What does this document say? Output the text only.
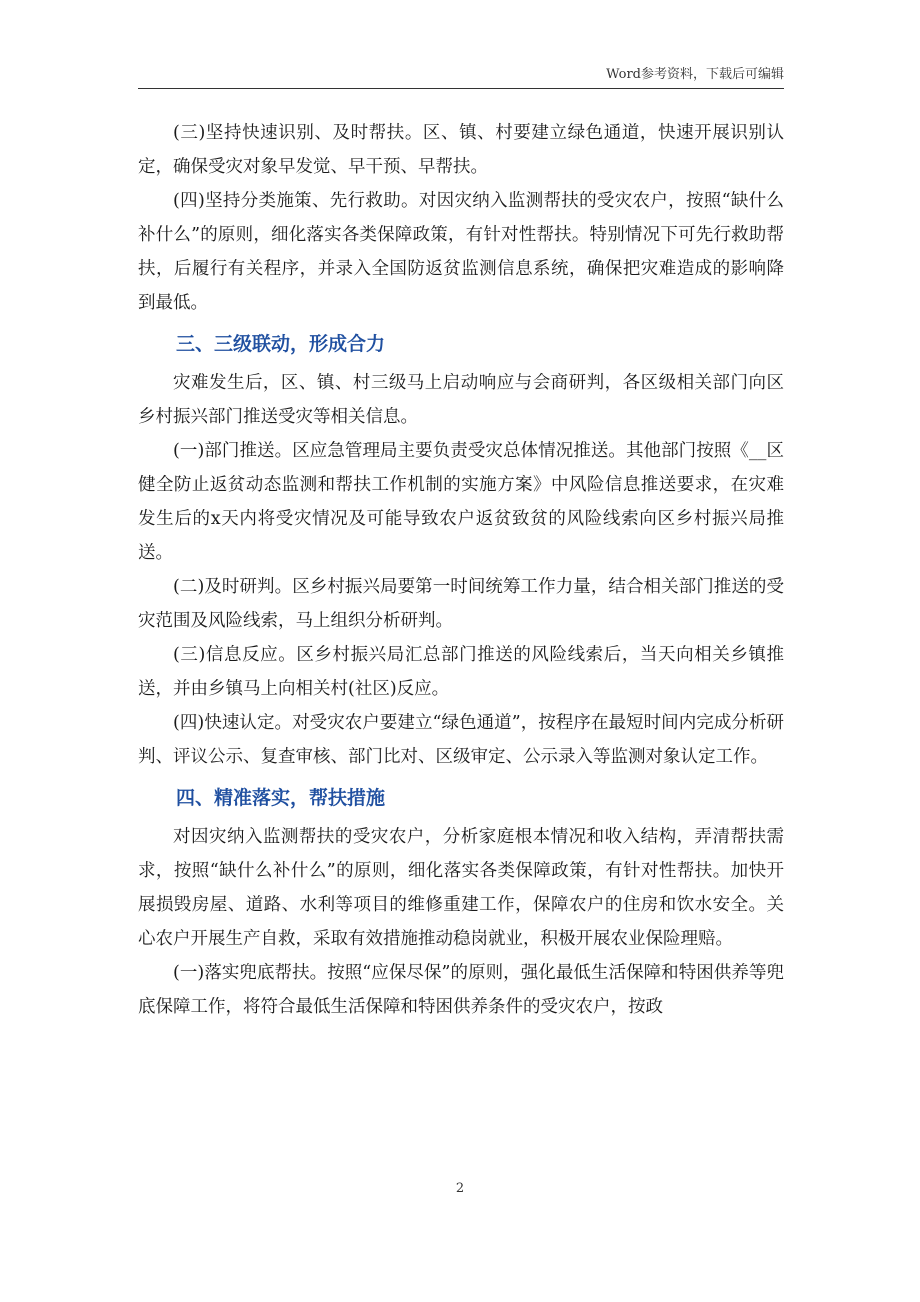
Word参考资料，下载后可编辑

(三)坚持快速识别、及时帮扶。区、镇、村要建立绿色通道，快速开展识别认定，确保受灾对象早发觉、早干预、早帮扶。

(四)坚持分类施策、先行救助。对因灾纳入监测帮扶的受灾农户，按照“缺什么补什么”的原则，细化落实各类保障政策，有针对性帮扶。特别情况下可先行救助帮扶，后履行有关程序，并录入全国防返贫监测信息系统，确保把灾难造成的影响降到最低。

三、三级联动，形成合力

灾难发生后，区、镇、村三级马上启动响应与会商研判，各区级相关部门向区乡村振兴部门推送受灾等相关信息。

(一)部门推送。区应急管理局主要负责受灾总体情况推送。其他部门按照《__区健全防止返贫动态监测和帮扶工作机制的实施方案》中风险信息推送要求，在灾难发生后的x天内将受灾情况及可能导致农户返贫致贫的风险线索向区乡村振兴局推送。

(二)及时研判。区乡村振兴局要第一时间统筹工作力量，结合相关部门推送的受灾范围及风险线索，马上组织分析研判。

(三)信息反应。区乡村振兴局汇总部门推送的风险线索后，当天向相关乡镇推送，并由乡镇马上向相关村(社区)反应。

(四)快速认定。对受灾农户要建立“绿色通道”，按程序在最短时间内完成分析研判、评议公示、复查审核、部门比对、区级审定、公示录入等监测对象认定工作。

四、精准落实，帮扶措施

对因灾纳入监测帮扶的受灾农户，分析家庭根本情况和收入结构，弄清帮扶需求，按照“缺什么补什么”的原则，细化落实各类保障政策，有针对性帮扶。加快开展损毁房屋、道路、水利等项目的维修重建工作，保障农户的住房和饮水安全。关心农户开展生产自救，采取有效措施推动稳岗就业，积极开展农业保险理赔。

(一)落实兜底帮扶。按照“应保尽保”的原则，强化最低生活保障和特困供养等兜底保障工作，将符合最低生活保障和特困供养条件的受灾农户，按政

2
